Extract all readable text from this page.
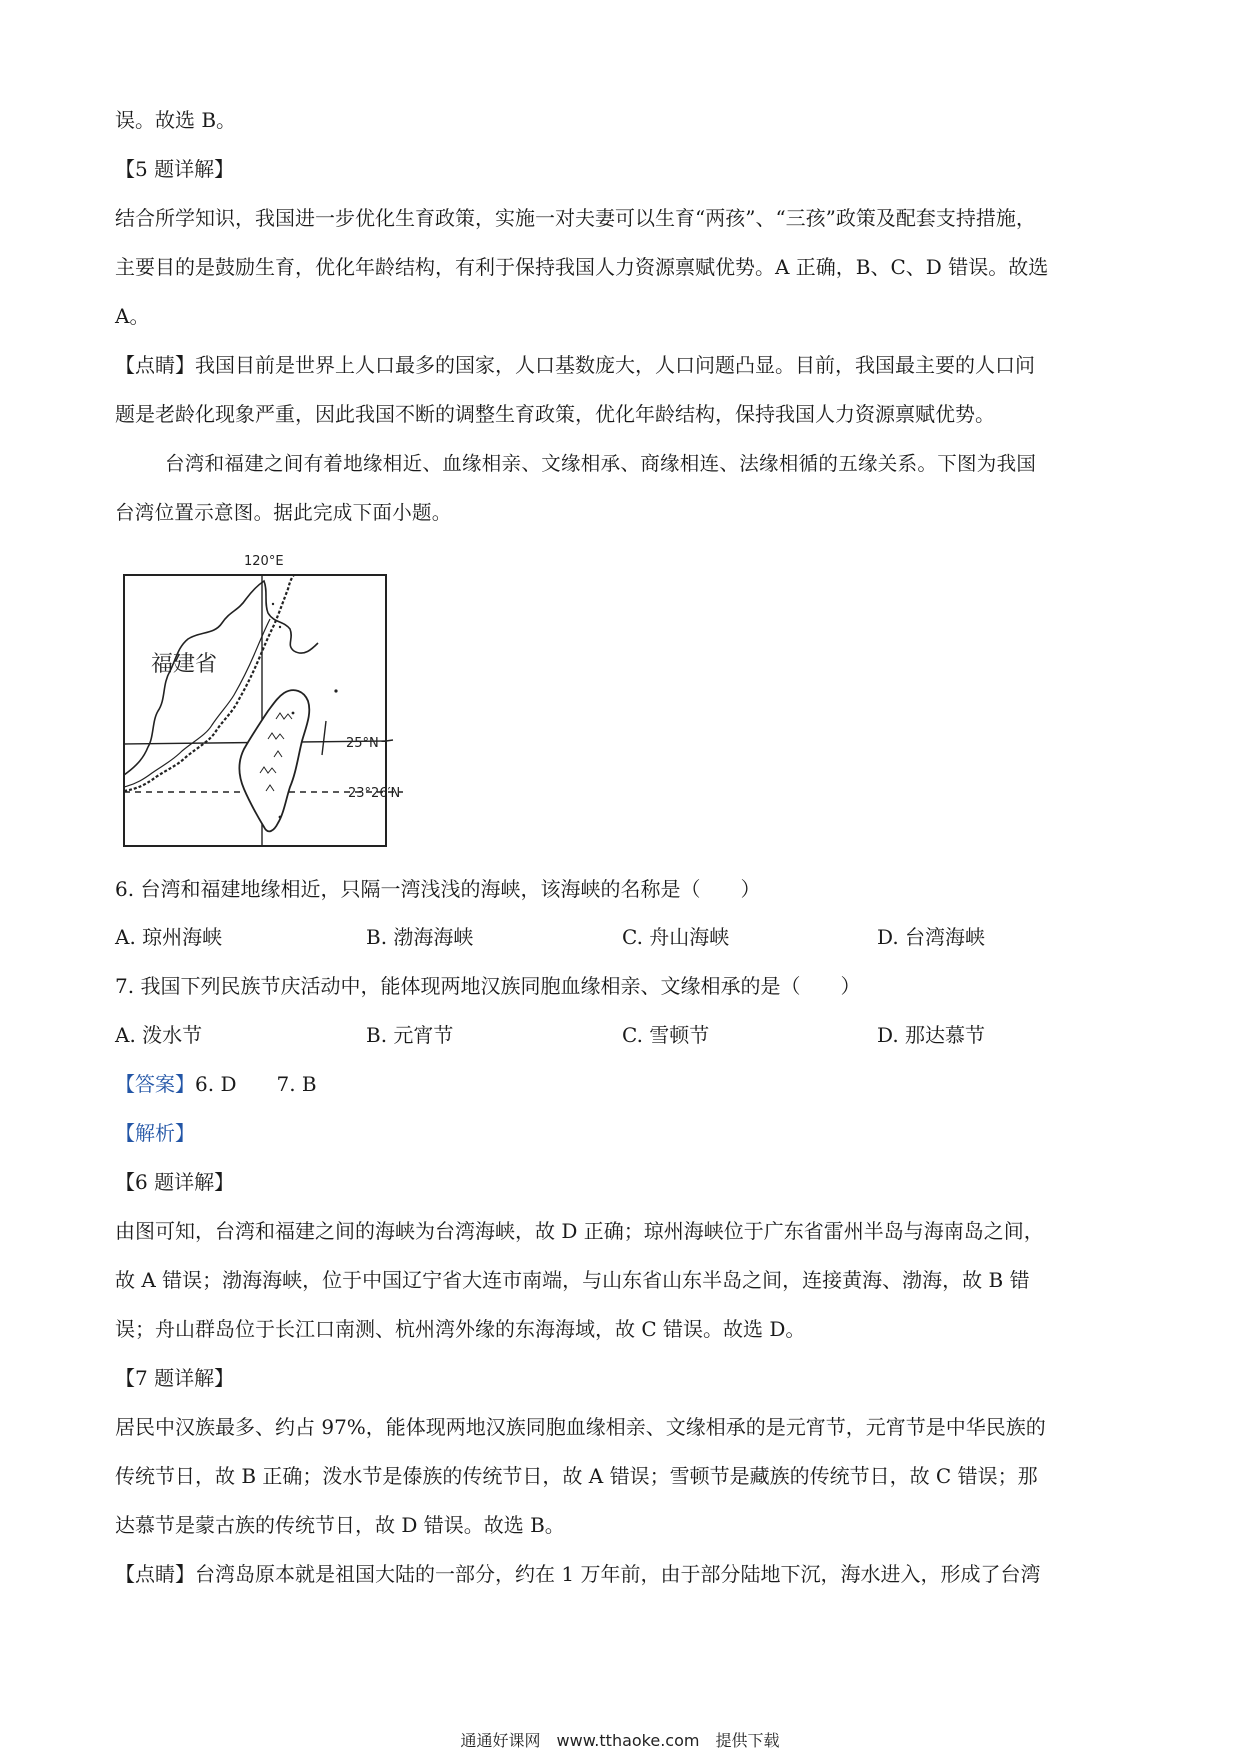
误。故选 B。
【5 题详解】
结合所学知识，我国进一步优化生育政策，实施一对夫妻可以生育“两孩”、“三孩”政策及配套支持措施，
主要目的是鼓励生育，优化年龄结构，有利于保持我国人力资源禀赋优势。A 正确，B、C、D 错误。故选
A。
【点睛】我国目前是世界上人口最多的国家，人口基数庞大，人口问题凸显。目前，我国最主要的人口问
题是老龄化现象严重，因此我国不断的调整生育政策，优化年龄结构，保持我国人力资源禀赋优势。
台湾和福建之间有着地缘相近、血缘相亲、文缘相承、商缘相连、法缘相循的五缘关系。下图为我国
台湾位置示意图。据此完成下面小题。
120°E
福建省
25°N
23°26′N
6. 台湾和福建地缘相近，只隔一湾浅浅的海峡，该海峡的名称是（　　）
A. 琼州海峡	B. 渤海海峡	C. 舟山海峡	D. 台湾海峡
7. 我国下列民族节庆活动中，能体现两地汉族同胞血缘相亲、文缘相承的是（　　）
A. 泼水节	B. 元宵节	C. 雪顿节	D. 那达慕节
【答案】6. D　　7. B
【解析】
【6 题详解】
由图可知，台湾和福建之间的海峡为台湾海峡，故 D 正确；琼州海峡位于广东省雷州半岛与海南岛之间，
故 A 错误；渤海海峡，位于中国辽宁省大连市南端，与山东省山东半岛之间，连接黄海、渤海，故 B 错
误；舟山群岛位于长江口南测、杭州湾外缘的东海海域，故 C 错误。故选 D。
【7 题详解】
居民中汉族最多、约占 97%，能体现两地汉族同胞血缘相亲、文缘相承的是元宵节，元宵节是中华民族的
传统节日，故 B 正确；泼水节是傣族的传统节日，故 A 错误；雪顿节是藏族的传统节日，故 C 错误；那
达慕节是蒙古族的传统节日，故 D 错误。故选 B。
【点睛】台湾岛原本就是祖国大陆的一部分，约在 1 万年前，由于部分陆地下沉，海水进入，形成了台湾
通通好课网　www.tthaoke.com　提供下载
